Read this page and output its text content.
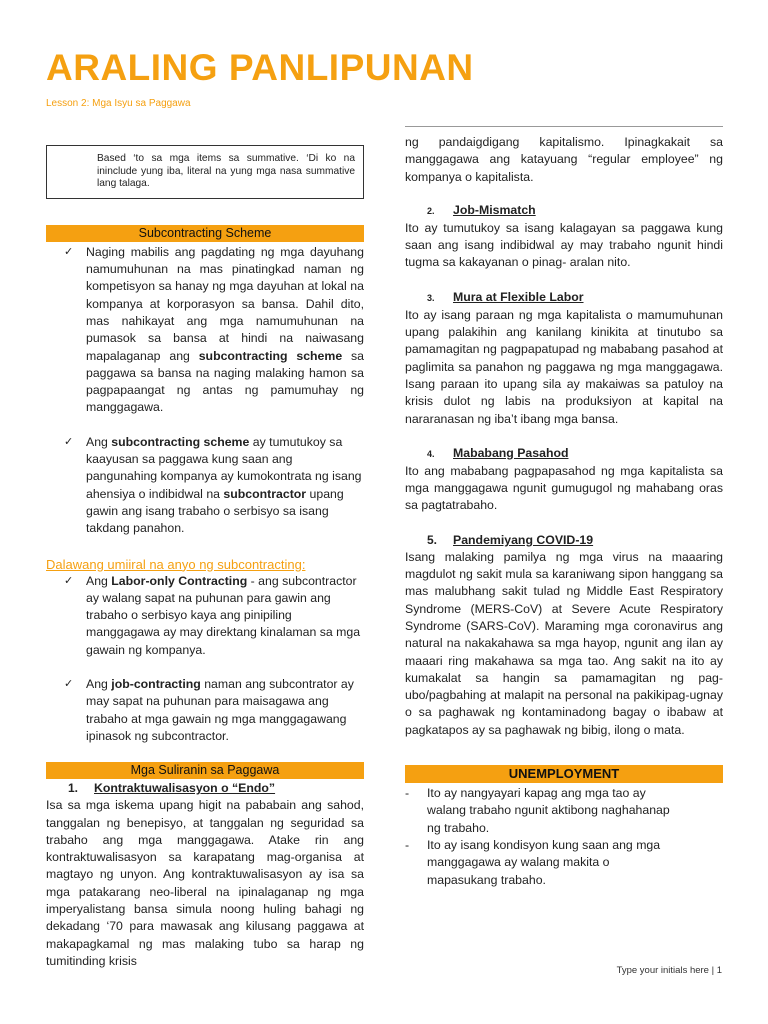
ARALING PANLIPUNAN
Lesson 2: Mga Isyu sa Paggawa
Based ‘to sa mga items sa summative. ‘Di ko na ininclude yung iba, literal na yung mga nasa summative lang talaga.
Subcontracting Scheme
✓	Naging mabilis ang pagdating ng mga dayuhang namumuhunan na mas pinatingkad naman ng kompetisyon sa hanay ng mga dayuhan at lokal na kompanya at korporasyon sa bansa. Dahil dito, mas nahikayat ang mga namumuhunan na pumasok sa bansa at hindi na naiwasang mapalaganap ang subcontracting scheme sa paggawa sa bansa na naging malaking hamon sa pagpapaangat ng antas ng pamumuhay ng manggagawa.
✓	Ang subcontracting scheme ay tumutukoy sa kaayusan sa paggawa kung saan ang pangunahing kompanya ay kumokontrata ng isang ahensiya o indibidwal na subcontractor upang gawin ang isang trabaho o serbisyo sa isang takdang panahon.
Dalawang umiiral na anyo ng subcontracting:
✓	Ang Labor-only Contracting - ang subcontractor ay walang sapat na puhunan para gawin ang trabaho o serbisyo kaya ang pinipiling manggagawa ay may direktang kinalaman sa mga gawain ng kompanya.
✓	Ang job-contracting naman ang subcontrator ay may sapat na puhunan para maisagawa ang trabaho at mga gawain ng mga manggagawang ipinasok ng subcontractor.
Mga Suliranin sa Paggawa
1. Kontraktuwalisasyon o “Endo”
Isa sa mga iskema upang higit na pababain ang sahod, tanggalan ng benepisyo, at tanggalan ng seguridad sa trabaho ang mga manggagawa. Atake rin ang kontraktuwalisasyon sa karapatang mag-organisa at magtayo ng unyon. Ang kontraktuwalisasyon ay isa sa mga patakarang neo-liberal na ipinalaganap ng mga imperyalistang bansa simula noong huling bahagi ng dekadang ‘70 para mawasak ang kilusang paggawa at makapagkamal ng mas malaking tubo sa harap ng tumitinding krisis
ng pandaigdigang kapitalismo. Ipinagkakait sa manggagawa ang katayuang “regular employee” ng kompanya o kapitalista.
2. Job-Mismatch
Ito ay tumutukoy sa isang kalagayan sa paggawa kung saan ang isang indibidwal ay may trabaho ngunit hindi tugma sa kakayanan o pinag- aralan nito.
3. Mura at Flexible Labor
Ito ay isang paraan ng mga kapitalista o mamumuhunan upang palakihin ang kanilang kinikita at tinutubo sa pamamagitan ng pagpapatupad ng mababang pasahod at paglimita sa panahon ng paggawa ng mga manggagawa. Isang paraan ito upang sila ay makaiwas sa patuloy na krisis dulot ng labis na produksiyon at kapital na nararanasan ng iba’t ibang mga bansa.
4. Mababang Pasahod
Ito ang mababang pagpapasahod ng mga kapitalista sa mga manggagawa ngunit gumugugol ng mahabang oras sa pagtatrabaho.
5. Pandemiyang COVID-19
Isang malaking pamilya ng mga virus na maaaring magdulot ng sakit mula sa karaniwang sipon hanggang sa mas malubhang sakit tulad ng Middle East Respiratory Syndrome (MERS-CoV) at Severe Acute Respiratory Syndrome (SARS-CoV). Maraming mga coronavirus ang natural na nakakahawa sa mga hayop, ngunit ang ilan ay maaari ring makahawa sa mga tao. Ang sakit na ito ay kumakalat sa hangin sa pamamagitan ng pag-ubo/pagbahing at malapit na personal na pakikipag-ugnay o sa paghawak ng kontaminadong bagay o ibabaw at pagkatapos ay sa paghawak ng bibig, ilong o mata.
UNEMPLOYMENT
-	Ito ay nangyayari kapag ang mga tao ay walang trabaho ngunit aktibong naghahanap ng trabaho.
-	Ito ay isang kondisyon kung saan ang mga manggagawa ay walang makita o mapasukang trabaho.
Type your initials here | 1
